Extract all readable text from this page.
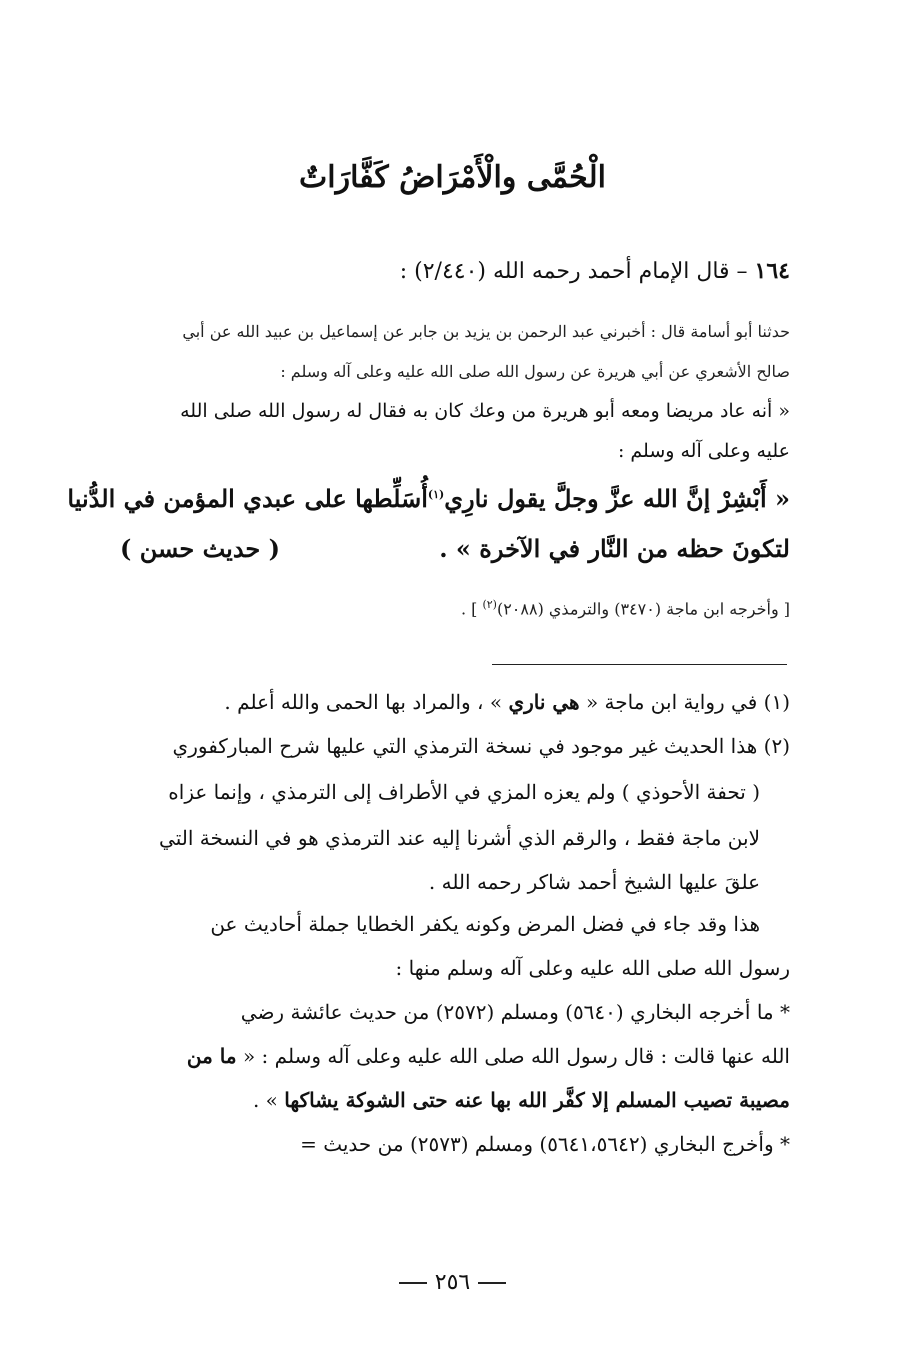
الْحُمَّى والْأَمْرَاضُ كَفَّارَاتٌ
١٦٤ – قال الإمام أحمد رحمه الله (٢/٤٤٠) :
حدثنا أبو أسامة قال : أخبرني عبد الرحمن بن يزيد بن جابر عن إسماعيل بن عبيد الله عن أبي
صالح الأشعري عن أبي هريرة عن رسول الله صلى الله عليه وعلى آله وسلم :
« أنه عاد مريضا ومعه أبو هريرة من وعك كان به فقال له رسول الله صلى الله
عليه وعلى آله وسلم :
« أَبْشِرْ إنَّ الله عزَّ وجلَّ يقول نارِي$^{(١)}$أُسَلِّطها على عبدي المؤمن في الدُّنيا
لتكونَ حظه من النَّار في الآخرة » .
( حديث حسن )
[ وأخرجه ابن ماجة (٣٤٧٠) والترمذي (٢٠٨٨)$^{(٢)}$ ] .
(١) في رواية ابن ماجة « هي ناري » ، والمراد بها الحمى والله أعلم .
(٢) هذا الحديث غير موجود في نسخة الترمذي التي عليها شرح المباركفوري
( تحفة الأحوذي ) ولم يعزه المزي في الأطراف إلى الترمذي ، وإنما عزاه
لابن ماجة فقط ، والرقم الذي أشرنا إليه عند الترمذي هو في النسخة التي
علقَ عليها الشيخ أحمد شاكر رحمه الله .
هذا وقد جاء في فضل المرض وكونه يكفر الخطايا جملة أحاديث عن
رسول الله صلى الله عليه وعلى آله وسلم منها :
* ما أخرجه البخاري (٥٦٤٠) ومسلم (٢٥٧٢) من حديث عائشة رضي
الله عنها قالت : قال رسول الله صلى الله عليه وعلى آله وسلم : « ما من
مصيبة تصيب المسلم إلا كفَّر الله بها عنه حتى الشوكة يشاكها » .
* وأخرج البخاري (٥٦٤١،٥٦٤٢) ومسلم (٢٥٧٣) من حديث =
٢٥٦
